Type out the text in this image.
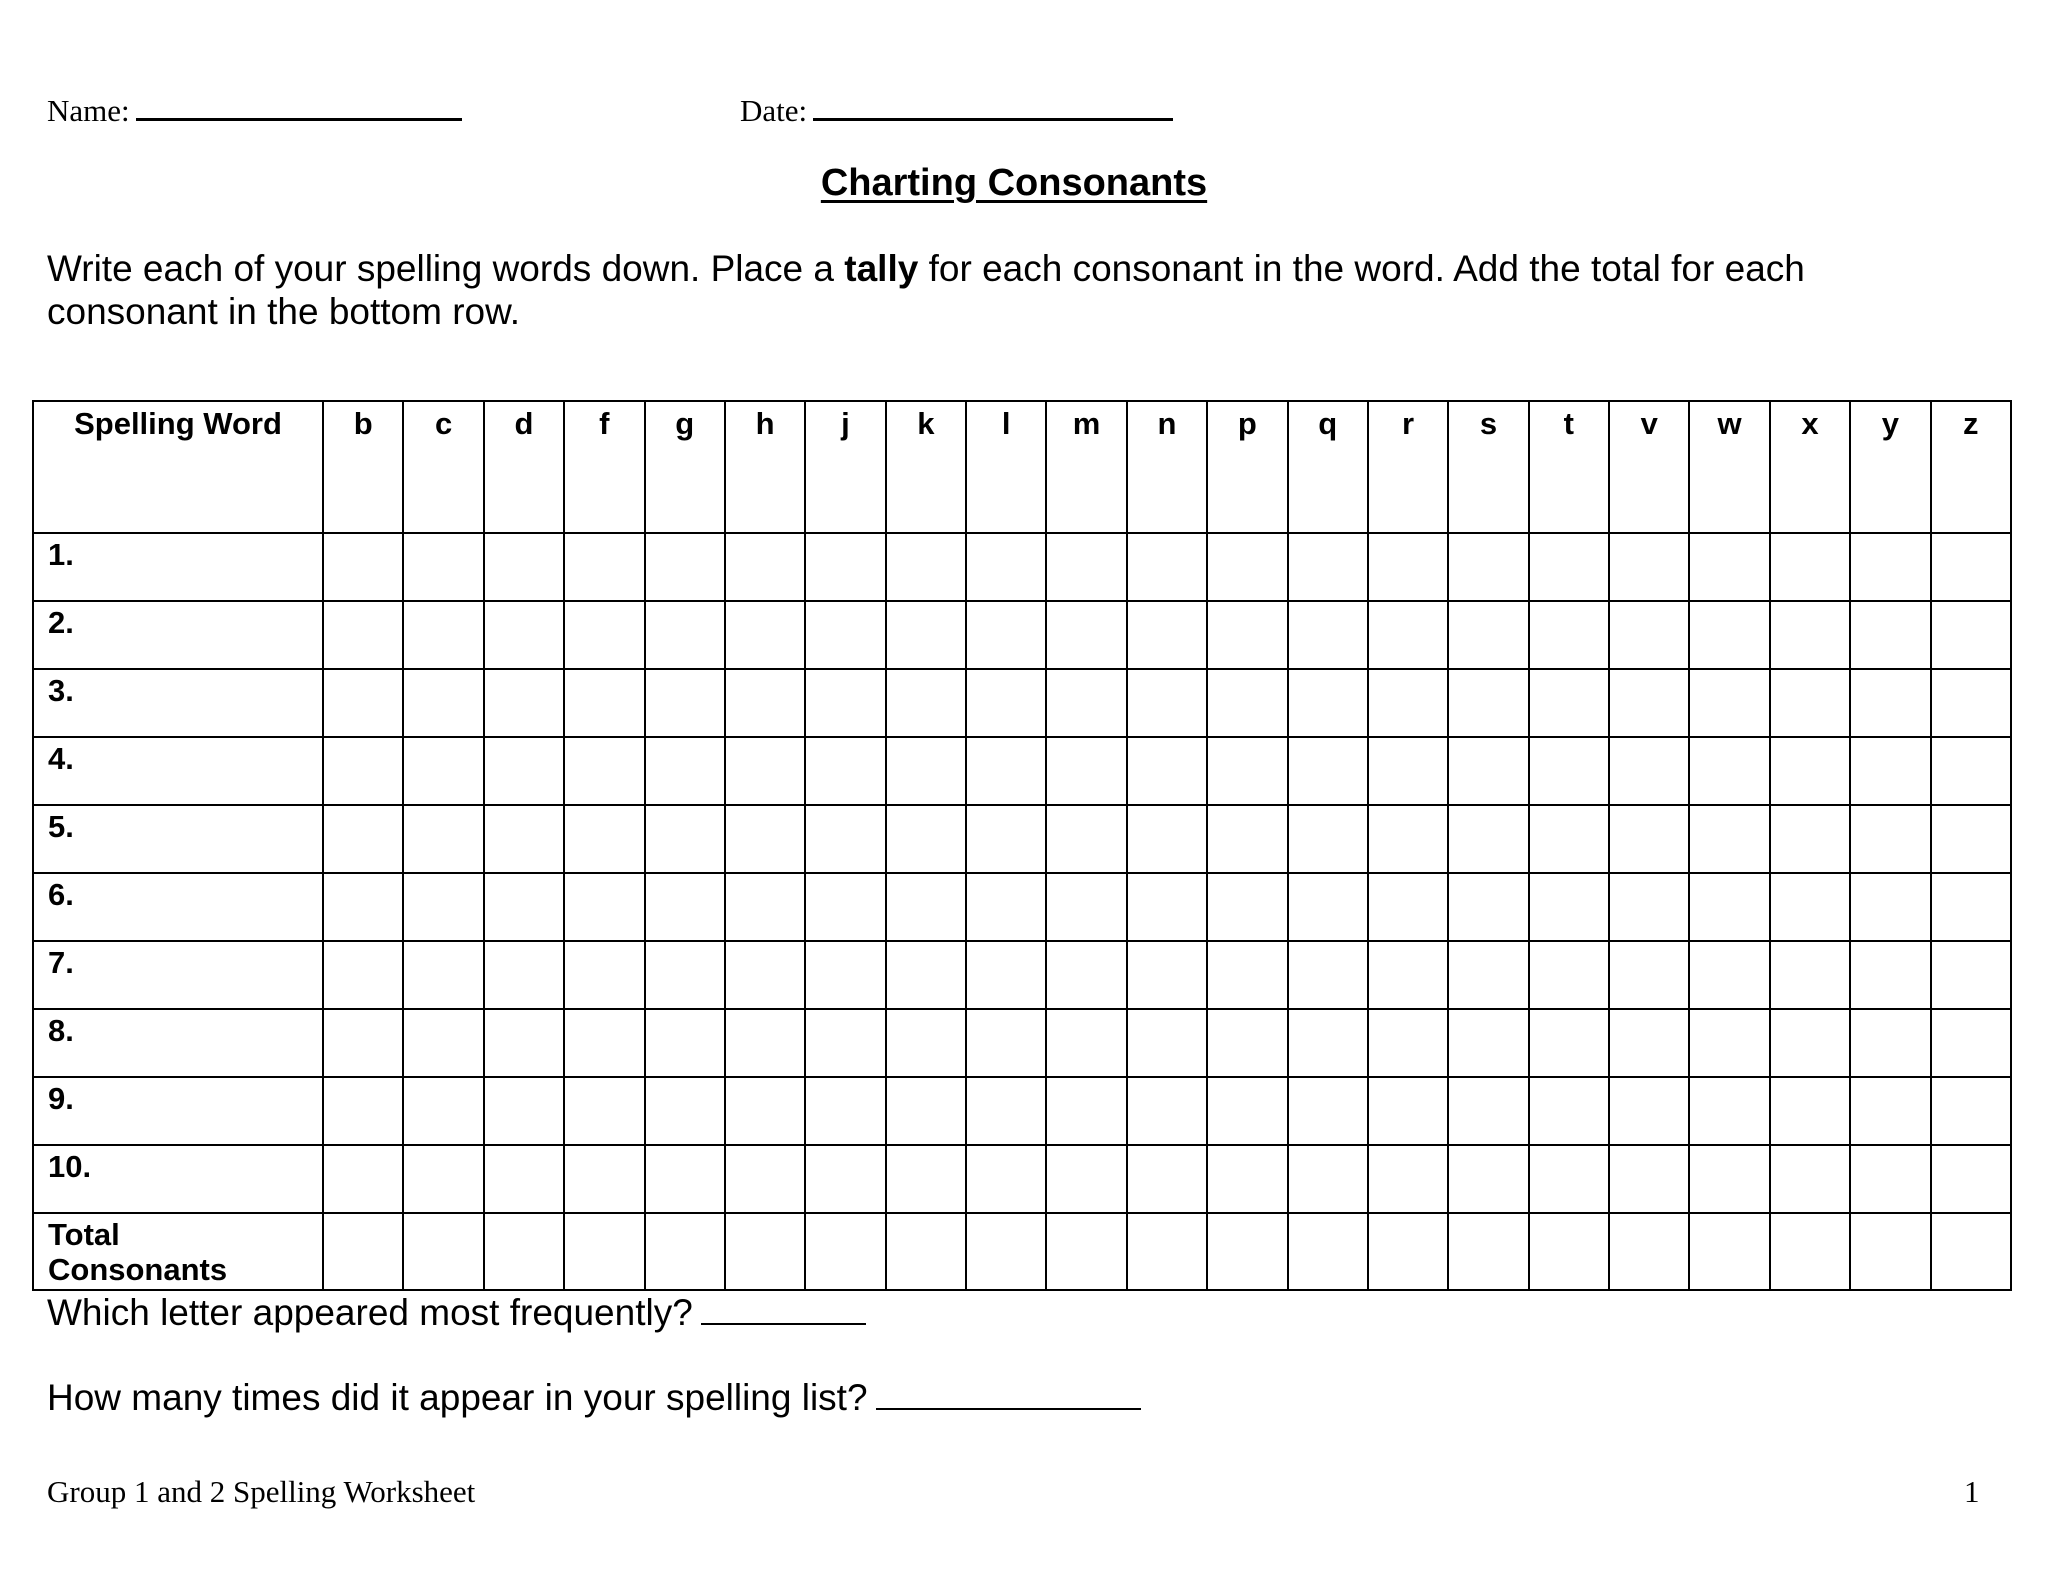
Name:	Date:
Charting Consonants
Write each of your spelling words down. Place a tally for each consonant in the word. Add the total for each consonant in the bottom row.
Spelling Word	b	c	d	f	g	h	j	k	l	m	n	p	q	r	s	t	v	w	x	y	z
1.																					
2.																					
3.																					
4.																					
5.																					
6.																					
7.																					
8.																					
9.																					
10.																					
Total
Consonants																					
Which letter appeared most frequently?
How many times did it appear in your spelling list?
Group 1 and 2 Spelling Worksheet	1
